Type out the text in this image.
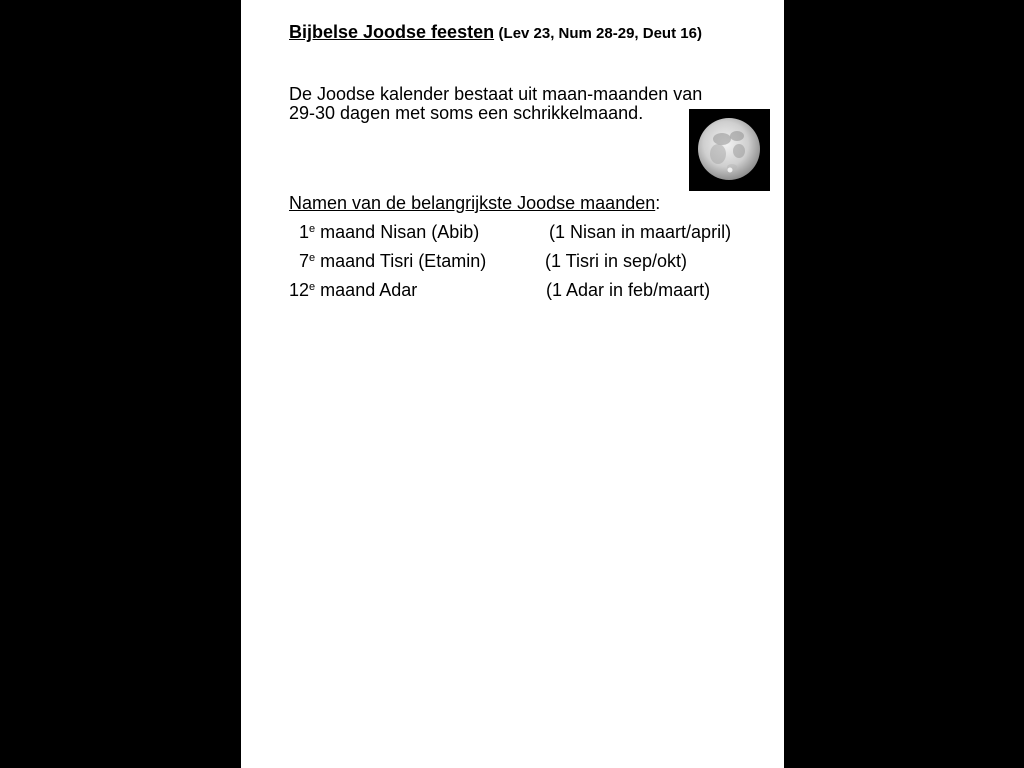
Bijbelse Joodse feesten (Lev 23, Num 28-29, Deut 16)
De Joodse kalender bestaat uit maan-maanden van
29-30 dagen met soms een schrikkelmaand.
Namen van de belangrijkste Joodse maanden:
1e maand Nisan (Abib)	(1 Nisan in maart/april)
7e maand Tisri (Etamin)	(1 Tisri in sep/okt)
12e maand Adar	(1 Adar in feb/maart)
